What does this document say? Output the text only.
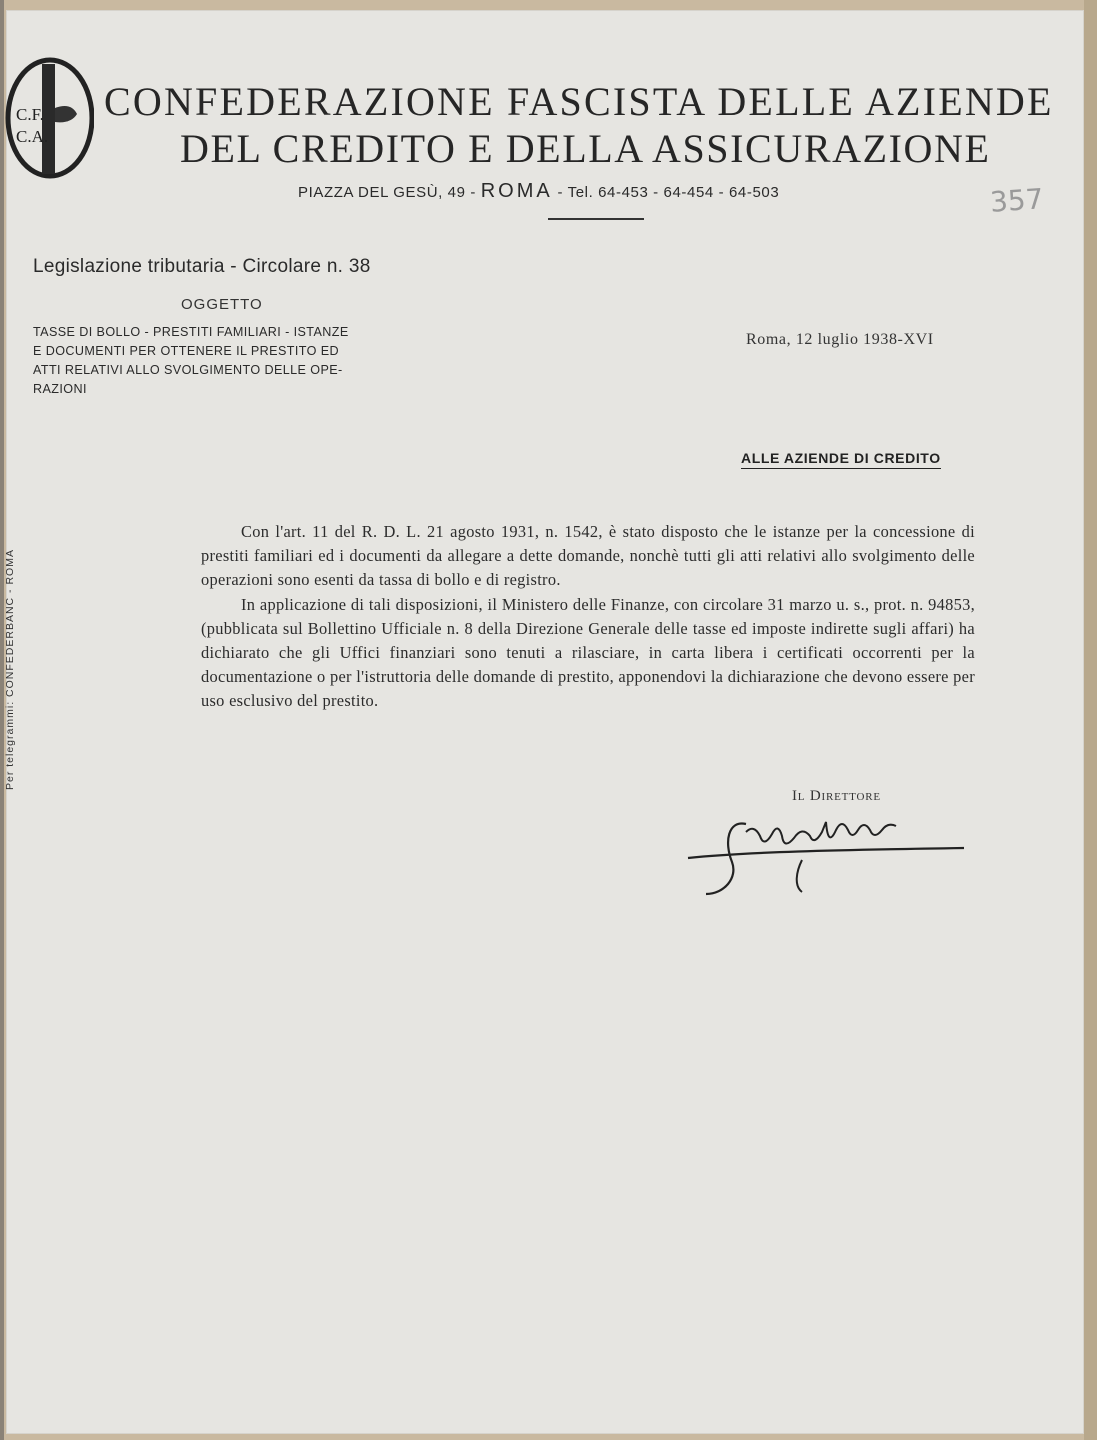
C.F.
C.A.
CONFEDERAZIONE FASCISTA DELLE AZIENDE
DEL CREDITO E DELLA ASSICURAZIONE
PIAZZA DEL GESÙ, 49 - ROMA - Tel. 64-453 - 64-454 - 64-503	357
Per telegrammi: CONFEDERBANC - ROMA
Legislazione tributaria - Circolare n. 38
OGGETTO
TASSE DI BOLLO - PRESTITI FAMILIARI - ISTANZE
E DOCUMENTI PER OTTENERE IL PRESTITO ED
ATTI RELATIVI ALLO SVOLGIMENTO DELLE OPE-
RAZIONI
Roma, 12 luglio 1938-XVI
ALLE AZIENDE DI CREDITO

Con l'art. 11 del R. D. L. 21 agosto 1931, n. 1542, è stato disposto che le istanze per la concessione di prestiti familiari ed i documenti da allegare a dette domande, nonchè tutti gli atti relativi allo svolgimento delle operazioni sono esenti da tassa di bollo e di registro.

In applicazione di tali disposizioni, il Ministero delle Finanze, con circolare 31 marzo u. s., prot. n. 94853, (pubblicata sul Bollettino Ufficiale n. 8 della Direzione Generale delle tasse ed imposte indirette sugli affari) ha dichiarato che gli Uffici finanziari sono tenuti a rilasciare, in carta libera i certificati occorrenti per la documentazione o per l'istruttoria delle domande di prestito, apponendovi la dichiarazione che devono essere per uso esclusivo del prestito.

Il Direttore
